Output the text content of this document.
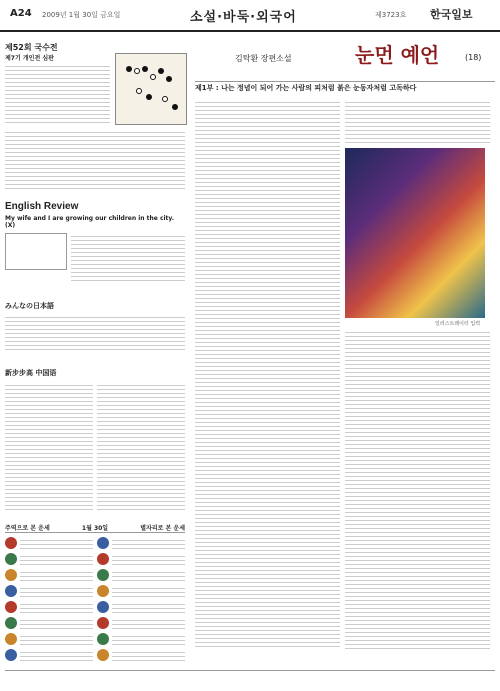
A24 2009년 1월 30일 금요일	소설·바둑·외국어	제3723호 한국일보
제52회 국수전
제7기 개인전 심판
English Review
My wife and I are growing our children in the city. (X)
みんなの日本語
新步步高 中国语
주역으로 본 운세	1월 30일	별자리로 본 운세
김탁환 장편소설	눈먼 예언	(18)
제1부 : 나는 정념이 되어 가는 사람의 피처럼 붉은 눈동자처럼 고독하다
일러스트레이터 입력
